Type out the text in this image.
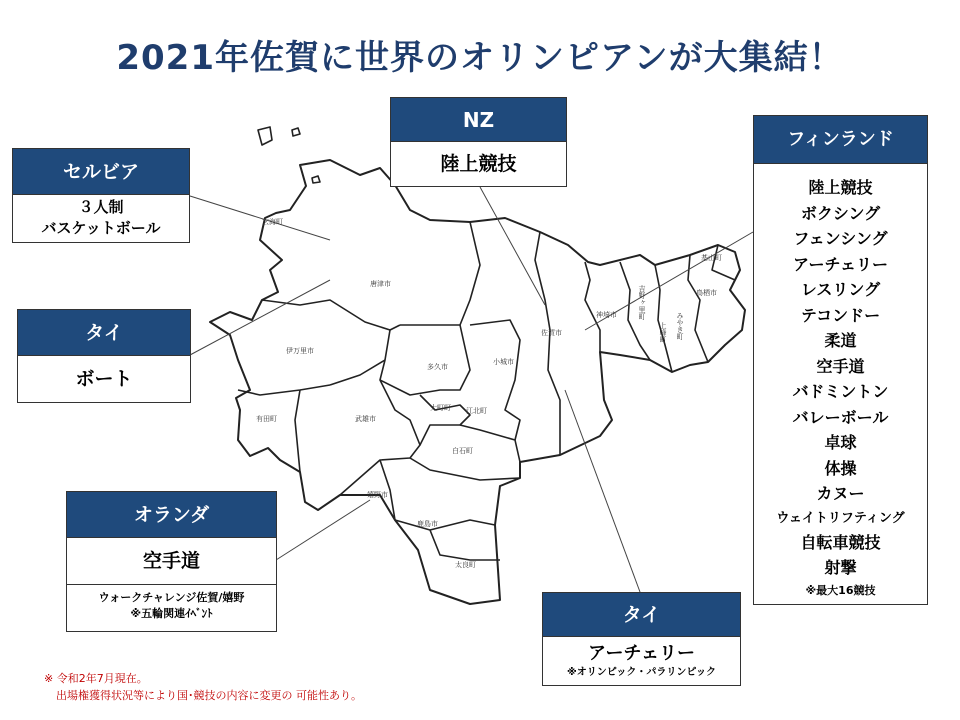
2021年佐賀に世界のオリンピアンが大集結！
玄海町
唐津市
伊万里市
多久市
小城市
佐賀市
神埼市	吉野ヶ里町
上峰町 みやき町
基山町
鳥栖市
有田町	武雄市
大町町 江北町
白石町
嬉野市
鹿島市
太良町
NZ
陸上競技
セルビア
３人制
バスケットボール
タイ
ボート
オランダ
空手道
ウォークチャレンジ佐賀/嬉野
※五輪関連ｲﾍﾞﾝﾄ	タイ
アーチェリー
※オリンピック・パラリンピック
フィンランド
陸上競技
ボクシング
フェンシング
アーチェリー
レスリング
テコンドー
柔道
空手道
バドミントン
バレーボール
卓球
体操
カヌー
ウェイトリフティング
自転車競技
射撃
※最大16競技
※ 令和2年7月現在。
出場権獲得状況等により国･競技の内容に変更の 可能性あり。
